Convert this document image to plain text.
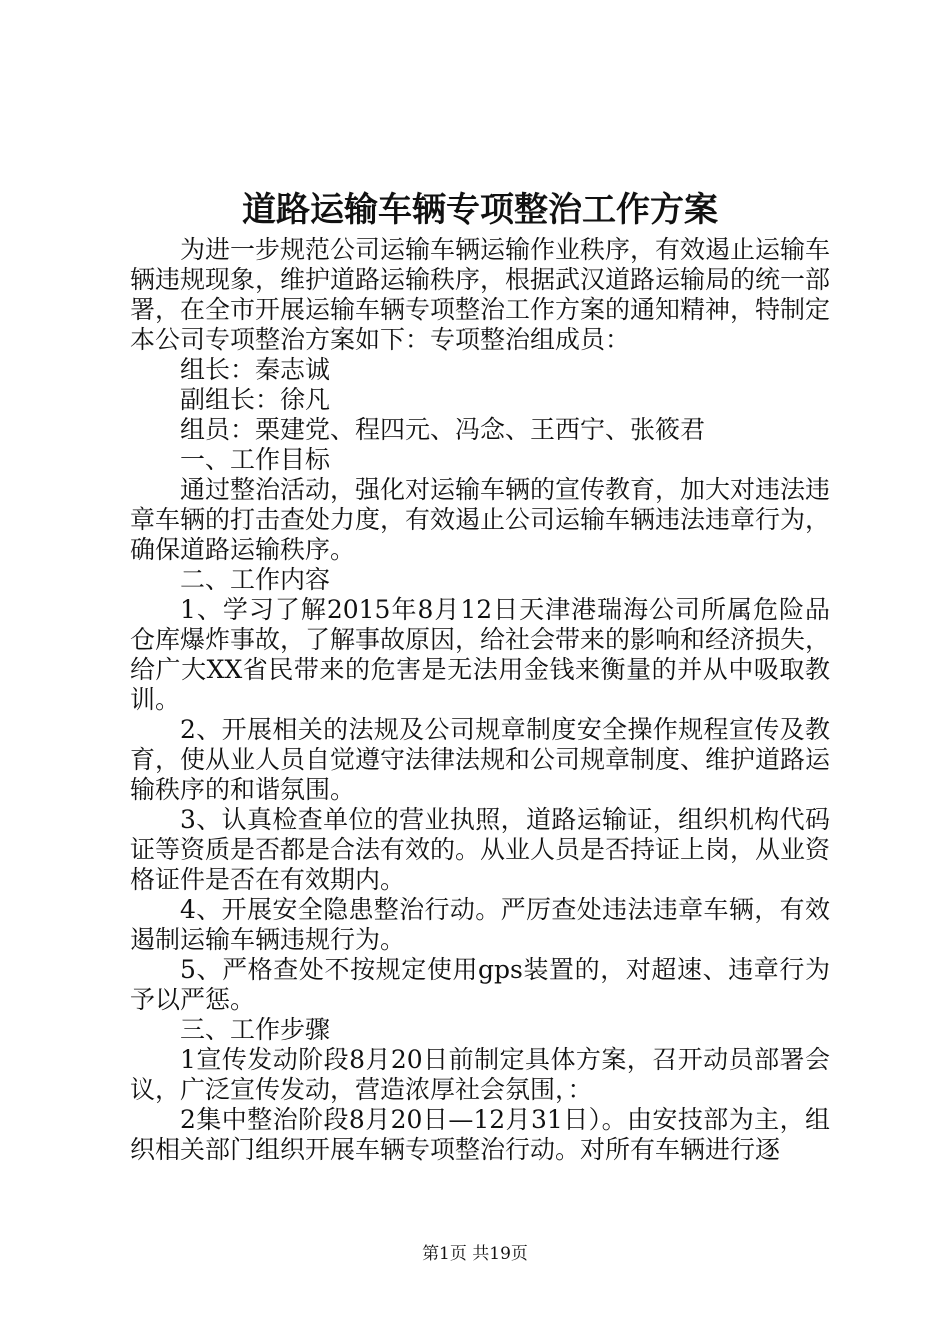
道路运输车辆专项整治工作方案

为进一步规范公司运输车辆运输作业秩序，有效遏止运输车辆违规现象，维护道路运输秩序，根据武汉道路运输局的统一部署，在全市开展运输车辆专项整治工作方案的通知精神，特制定本公司专项整治方案如下：专项整治组成员：

组长：秦志诚

副组长：徐凡

组员：栗建党、程四元、冯念、王西宁、张筱君

一、工作目标

通过整治活动，强化对运输车辆的宣传教育，加大对违法违章车辆的打击查处力度，有效遏止公司运输车辆违法违章行为，确保道路运输秩序。

二、工作内容

1、学习了解2015年8月12日天津港瑞海公司所属危险品仓库爆炸事故，了解事故原因，给社会带来的影响和经济损失，给广大XX省民带来的危害是无法用金钱来衡量的并从中吸取教训。

2、开展相关的法规及公司规章制度安全操作规程宣传及教育，使从业人员自觉遵守法律法规和公司规章制度、维护道路运输秩序的和谐氛围。

3、认真检查单位的营业执照，道路运输证，组织机构代码证等资质是否都是合法有效的。从业人员是否持证上岗，从业资格证件是否在有效期内。

4、开展安全隐患整治行动。严厉查处违法违章车辆，有效遏制运输车辆违规行为。

5、严格查处不按规定使用gps装置的，对超速、违章行为予以严惩。

三、工作步骤

1宣传发动阶段8月20日前制定具体方案，召开动员部署会议，广泛宣传发动，营造浓厚社会氛围，：

2集中整治阶段8月20日—12月31日）。由安技部为主，组织相关部门组织开展车辆专项整治行动。对所有车辆进行逐

第1页 共19页
